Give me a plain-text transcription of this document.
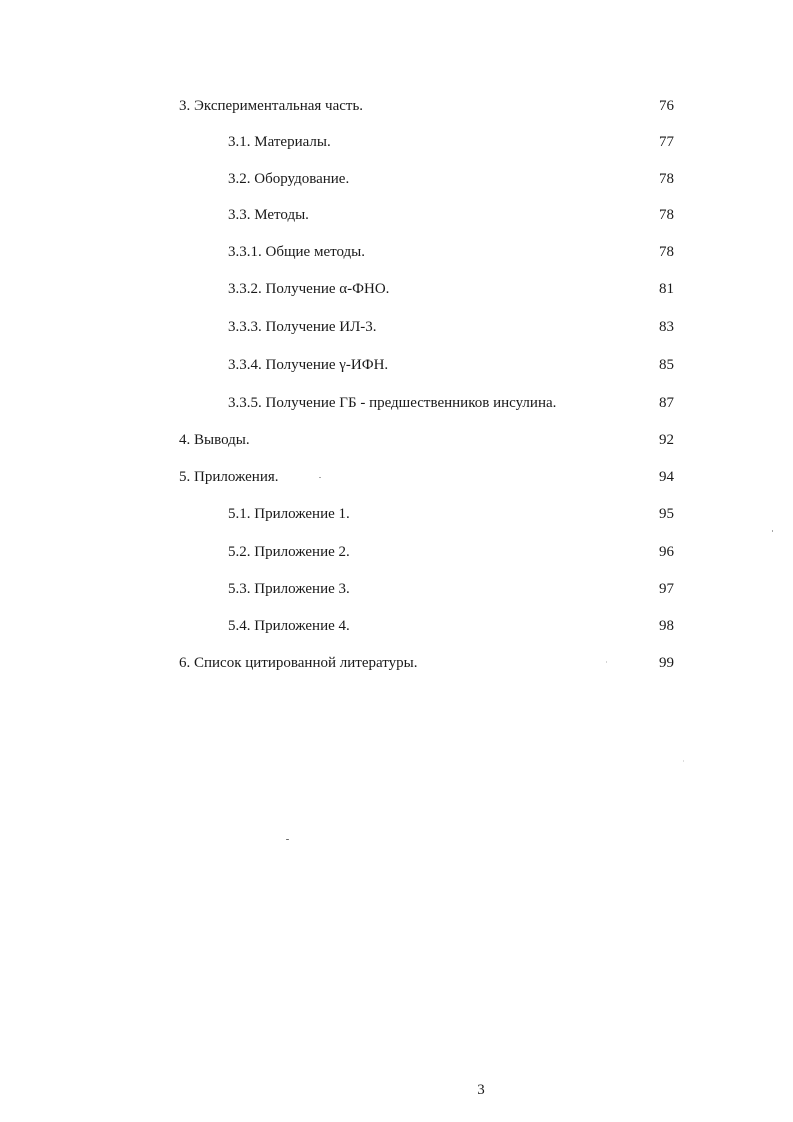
3. Экспериментальная часть.	76
3.1. Материалы.	77
3.2. Оборудование.	78
3.3. Методы.	78
3.3.1. Общие методы.	78
3.3.2. Получение α-ФНО.	81
3.3.3. Получение ИЛ-3.	83
3.3.4. Получение γ-ИФН.	85
3.3.5. Получение ГБ - предшественников инсулина.	87
4. Выводы.	92
5. Приложения.	94
5.1. Приложение 1.	95
5.2. Приложение 2.	96
5.3. Приложение 3.	97
5.4. Приложение 4.	98
6. Список цитированной литературы.	99
3
